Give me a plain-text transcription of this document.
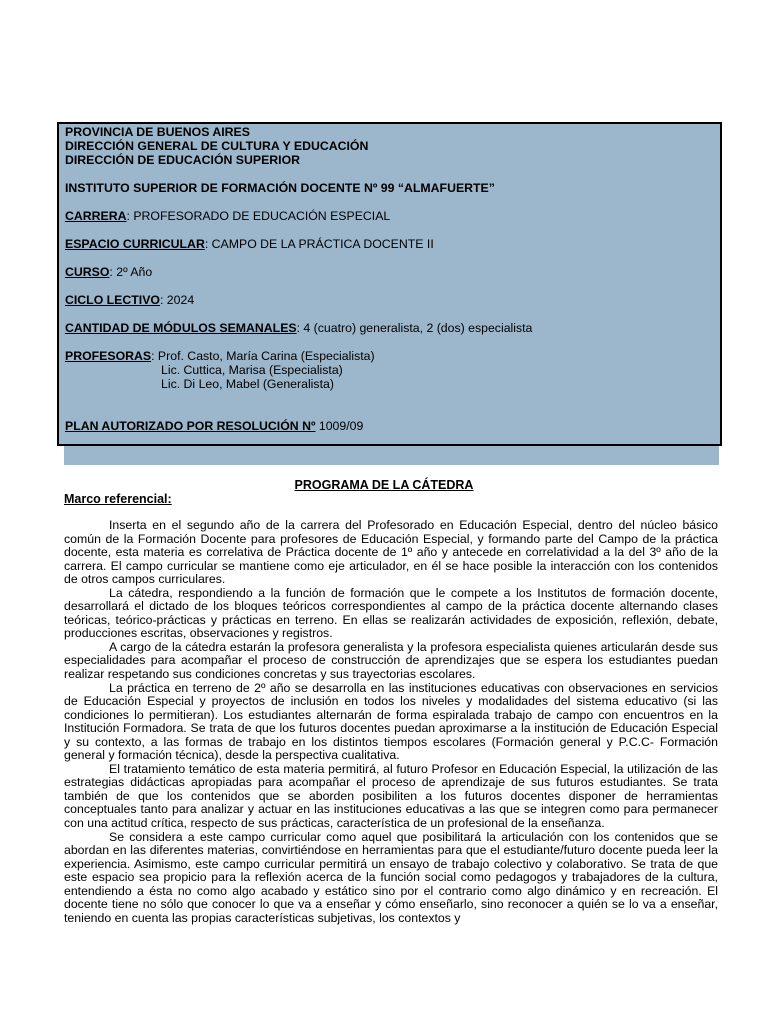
PROVINCIA DE BUENOS AIRES
DIRECCIÓN GENERAL DE CULTURA Y EDUCACIÓN
DIRECCIÓN DE EDUCACIÓN SUPERIOR
INSTITUTO SUPERIOR DE FORMACIÓN DOCENTE Nº 99 “ALMAFUERTE”
CARRERA: PROFESORADO DE EDUCACIÓN ESPECIAL
ESPACIO CURRICULAR: CAMPO DE LA PRÁCTICA DOCENTE II
CURSO: 2º Año
CICLO LECTIVO: 2024
CANTIDAD DE MÓDULOS SEMANALES: 4 (cuatro) generalista, 2 (dos) especialista
PROFESORAS: Prof. Casto, María Carina (Especialista)
Lic. Cuttica, Marisa (Especialista)
Lic. Di Leo, Mabel (Generalista)
PLAN AUTORIZADO POR RESOLUCIÓN Nº 1009/09
PROGRAMA DE LA CÁTEDRA
Marco referencial:

Inserta en el segundo año de la carrera del Profesorado en Educación Especial, dentro del núcleo básico común de la Formación Docente para profesores de Educación Especial, y formando parte del Campo de la práctica docente, esta materia es correlativa de Práctica docente de 1º año y antecede en correlatividad a la del 3º año de la carrera. El campo curricular se mantiene como eje articulador, en él se hace posible la interacción con los contenidos de otros campos curriculares.

La cátedra, respondiendo a la función de formación que le compete a los Institutos de formación docente, desarrollará el dictado de los bloques teóricos correspondientes al campo de la práctica docente alternando clases teóricas, teórico-prácticas y prácticas en terreno. En ellas se realizarán actividades de exposición, reflexión, debate, producciones escritas, observaciones y registros.

A cargo de la cátedra estarán la profesora generalista y la profesora especialista quienes articularán desde sus especialidades para acompañar el proceso de construcción de aprendizajes que se espera los estudiantes puedan realizar respetando sus condiciones concretas y sus trayectorias escolares.

La práctica en terreno de 2º año se desarrolla en las instituciones educativas con observaciones en servicios de Educación Especial y proyectos de inclusión en todos los niveles y modalidades del sistema educativo (si las condiciones lo permitieran). Los estudiantes alternarán de forma espiralada trabajo de campo con encuentros en la Institución Formadora. Se trata de que los futuros docentes puedan aproximarse a la institución de Educación Especial y su contexto, a las formas de trabajo en los distintos tiempos escolares (Formación general y P.C.C- Formación general y formación técnica), desde la perspectiva cualitativa.

El tratamiento temático de esta materia permitirá, al futuro Profesor en Educación Especial, la utilización de las estrategias didácticas apropiadas para acompañar el proceso de aprendizaje de sus futuros estudiantes. Se trata también de que los contenidos que se aborden posibiliten a los futuros docentes disponer de herramientas conceptuales tanto para analizar y actuar en las instituciones educativas a las que se integren como para permanecer con una actitud crítica, respecto de sus prácticas, característica de un profesional de la enseñanza.

Se considera a este campo curricular como aquel que posibilitará la articulación con los contenidos que se abordan en las diferentes materias, convirtiéndose en herramientas para que el estudiante/futuro docente pueda leer la experiencia. Asimismo, este campo curricular permitirá un ensayo de trabajo colectivo y colaborativo. Se trata de que este espacio sea propicio para la reflexión acerca de la función social como pedagogos y trabajadores de la cultura, entendiendo a ésta no como algo acabado y estático sino por el contrario como algo dinámico y en recreación. El docente tiene no sólo que conocer lo que va a enseñar y cómo enseñarlo, sino reconocer a quién se lo va a enseñar, teniendo en cuenta las propias características subjetivas, los contextos y
